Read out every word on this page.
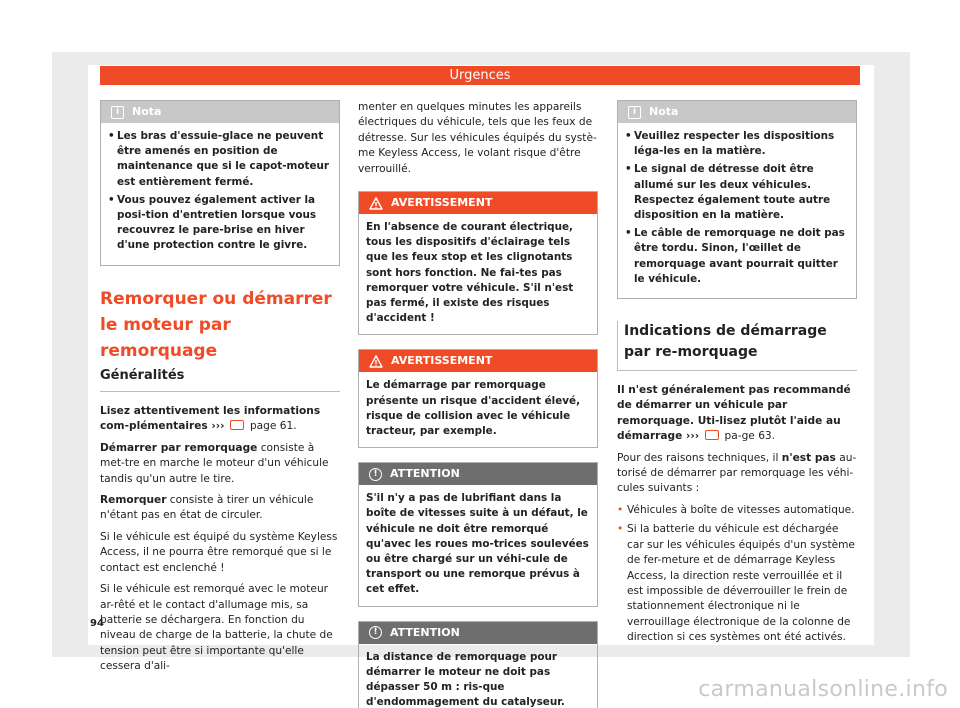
Urgences
i	Nota
• Les bras d'essuie-glace ne peuvent être amenés en position de maintenance que si le capot-moteur est entièrement fermé.
• Vous pouvez également activer la posi-tion d'entretien lorsque vous recouvrez le pare-brise en hiver d'une protection contre le givre.
Remorquer ou démarrer le moteur par remorquage
Généralités

Lisez attentivement les informations com-plémentaires ››› page 61.

Démarrer par remorquage consiste à met-tre en marche le moteur d'un véhicule tandis qu'un autre le tire.

Remorquer consiste à tirer un véhicule n'étant pas en état de circuler.

Si le véhicule est équipé du système Keyless Access, il ne pourra être remorqué que si le contact est enclenché !

Si le véhicule est remorqué avec le moteur ar-rêté et le contact d'allumage mis, sa batterie se déchargera. En fonction du niveau de charge de la batterie, la chute de tension peut être si importante qu'elle cessera d'ali-

menter en quelques minutes les appareils électriques du véhicule, tels que les feux de détresse. Sur les véhicules équipés du systè-me Keyless Access, le volant risque d'être verrouillé.

AVERTISSEMENT
En l'absence de courant électrique, tous les dispositifs d'éclairage tels que les feux stop et les clignotants sont hors fonction. Ne fai-tes pas remorquer votre véhicule. S'il n'est pas fermé, il existe des risques d'accident !
AVERTISSEMENT
Le démarrage par remorquage présente un risque d'accident élevé, risque de collision avec le véhicule tracteur, par exemple.
!	ATTENTION
S'il n'y a pas de lubrifiant dans la boîte de vitesses suite à un défaut, le véhicule ne doit être remorqué qu'avec les roues mo-trices soulevées ou être chargé sur un véhi-cule de transport ou une remorque prévus à cet effet.
!	ATTENTION
La distance de remorquage pour démarrer le moteur ne doit pas dépasser 50 m : ris-que d'endommagement du catalyseur.
i	Nota
• Veuillez respecter les dispositions léga-les en la matière.
• Le signal de détresse doit être allumé sur les deux véhicules. Respectez également toute autre disposition en la matière.
• Le câble de remorquage ne doit pas être tordu. Sinon, l'œillet de remorquage avant pourrait quitter le véhicule.
Indications de démarrage par re-morquage

Il n'est généralement pas recommandé de démarrer un véhicule par remorquage. Uti-lisez plutôt l'aide au démarrage ››› pa-ge 63.

Pour des raisons techniques, il n'est pas au-torisé de démarrer par remorquage les véhi-cules suivants :

• Véhicules à boîte de vitesses automatique.
• Si la batterie du véhicule est déchargée car sur les véhicules équipés d'un système de fer-meture et de démarrage Keyless Access, la direction reste verrouillée et il est impossible de déverrouiller le frein de stationnement électronique ni le verrouillage électronique de la colonne de direction si ces systèmes ont été activés.
94
carmanualsonline.info
